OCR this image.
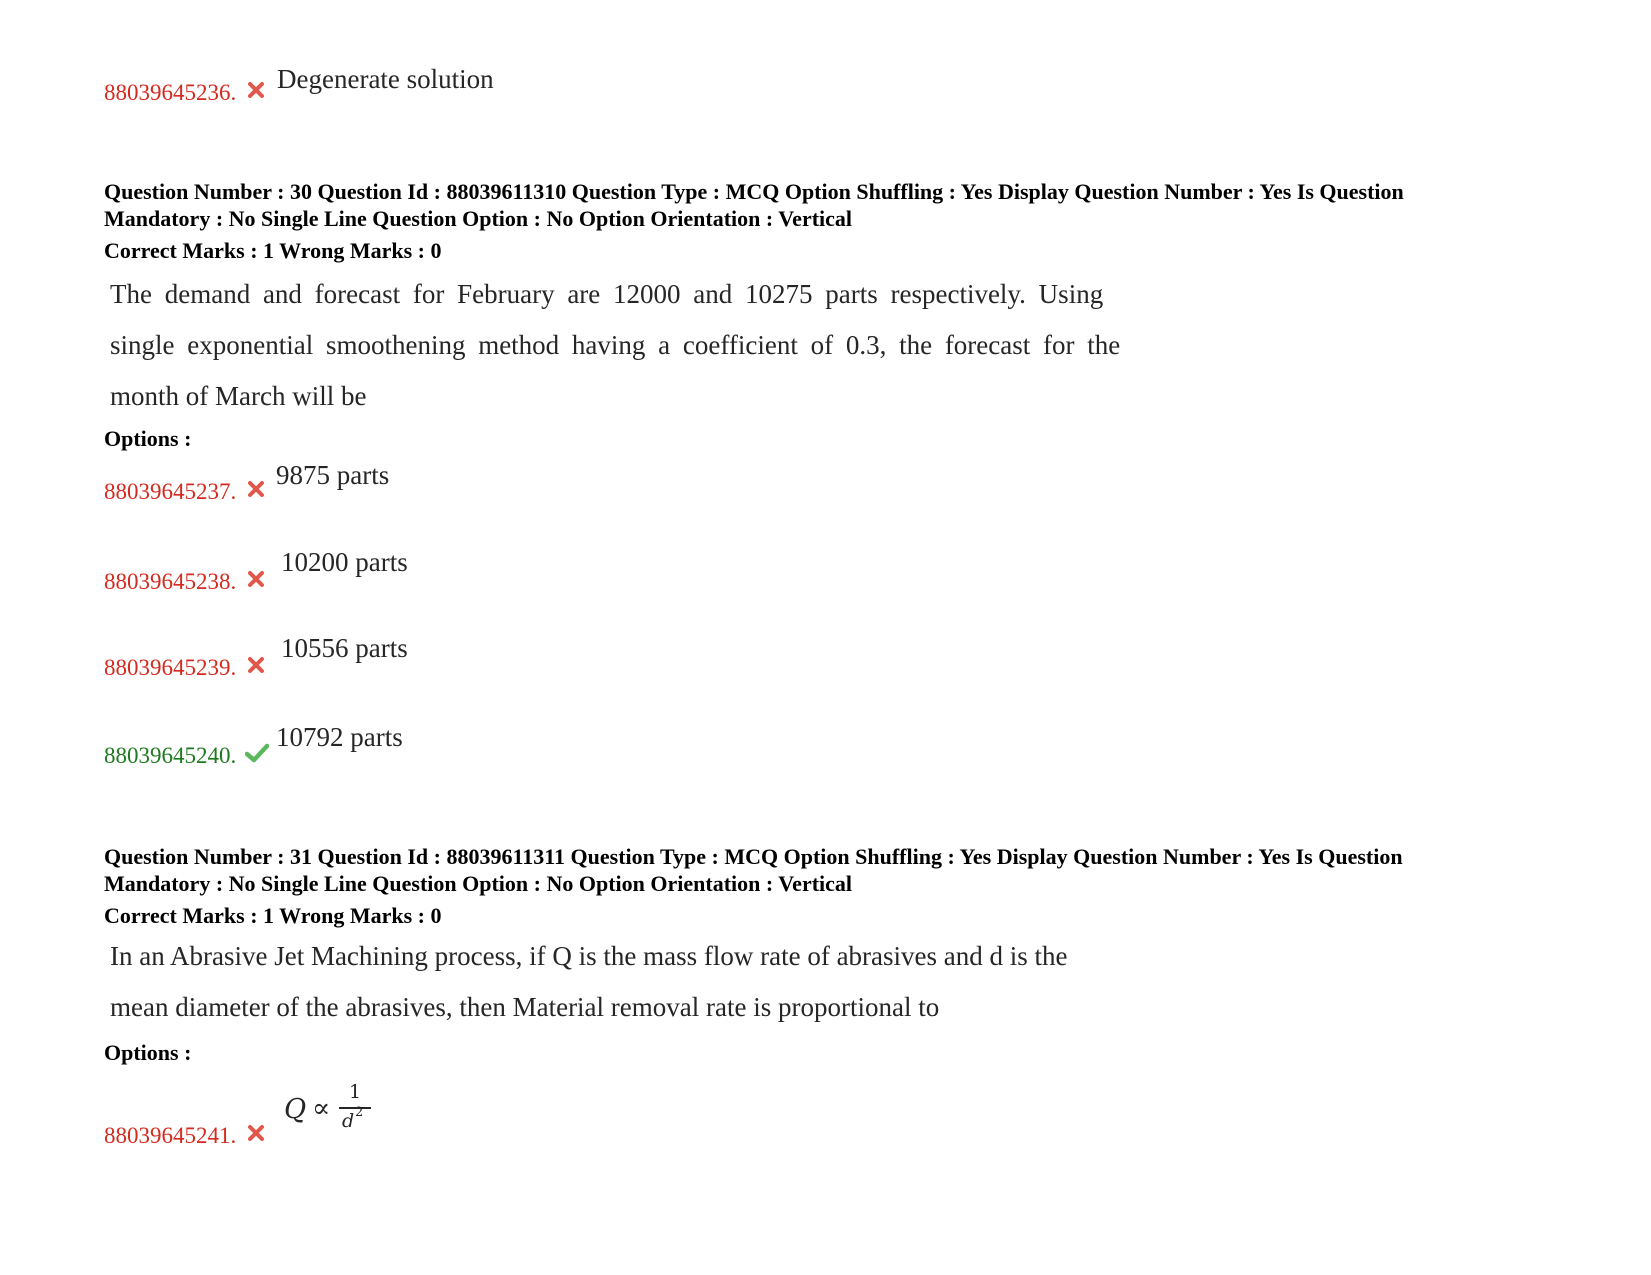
88039645236. Degenerate solution
Question Number : 30 Question Id : 88039611310 Question Type : MCQ Option Shuffling : Yes Display Question Number : Yes Is Question
Mandatory : No Single Line Question Option : No Option Orientation : Vertical
Correct Marks : 1 Wrong Marks : 0
The demand and forecast for February are 12000 and 10275 parts respectively. Using
single exponential smoothening method having a coefficient of 0.3, the forecast for the
month of March will be
Options :
88039645237.
9875 parts
88039645238.
10200 parts
88039645239.
10556 parts
88039645240.
10792 parts
Question Number : 31 Question Id : 88039611311 Question Type : MCQ Option Shuffling : Yes Display Question Number : Yes Is Question
Mandatory : No Single Line Question Option : No Option Orientation : Vertical
Correct Marks : 1 Wrong Marks : 0
In an Abrasive Jet Machining process, if Q is the mass flow rate of abrasives and d is the
mean diameter of the abrasives, then Material removal rate is proportional to
Options :
88039645241.
Q ∝
1
d 2
